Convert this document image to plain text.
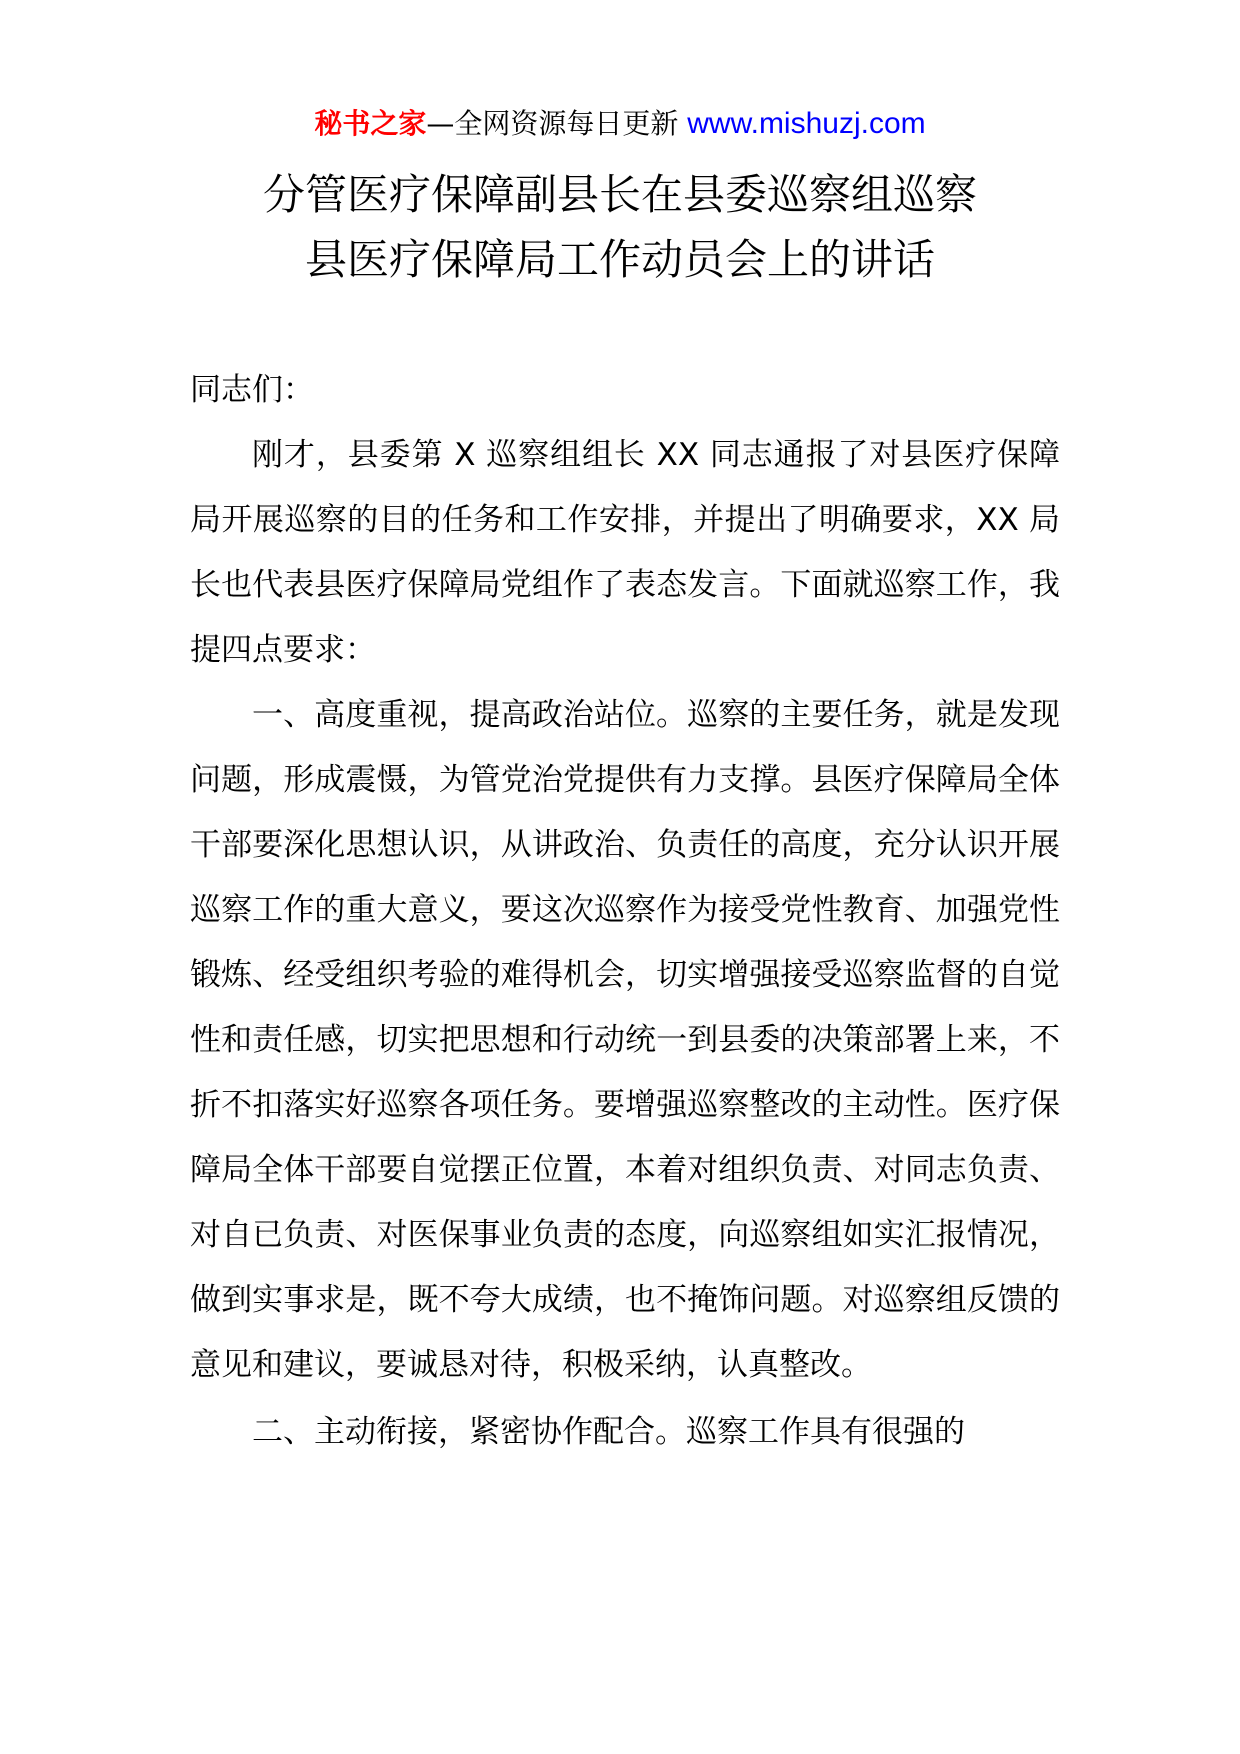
秘书之家—全网资源每日更新 www.mishuzj.com
分管医疗保障副县长在县委巡察组巡察
县医疗保障局工作动员会上的讲话

同志们：

刚才，县委第 X 巡察组组长 XX 同志通报了对县医疗保障局开展巡察的目的任务和工作安排，并提出了明确要求，XX 局长也代表县医疗保障局党组作了表态发言。下面就巡察工作，我提四点要求：

一、高度重视，提高政治站位。巡察的主要任务，就是发现问题，形成震慑，为管党治党提供有力支撑。县医疗保障局全体干部要深化思想认识，从讲政治、负责任的高度，充分认识开展巡察工作的重大意义，要这次巡察作为接受党性教育、加强党性锻炼、经受组织考验的难得机会，切实增强接受巡察监督的自觉性和责任感，切实把思想和行动统一到县委的决策部署上来，不折不扣落实好巡察各项任务。要增强巡察整改的主动性。医疗保障局全体干部要自觉摆正位置，本着对组织负责、对同志负责、对自已负责、对医保事业负责的态度，向巡察组如实汇报情况，做到实事求是，既不夸大成绩，也不掩饰问题。对巡察组反馈的意见和建议，要诚恳对待，积极采纳，认真整改。

二、主动衔接，紧密协作配合。巡察工作具有很强的
